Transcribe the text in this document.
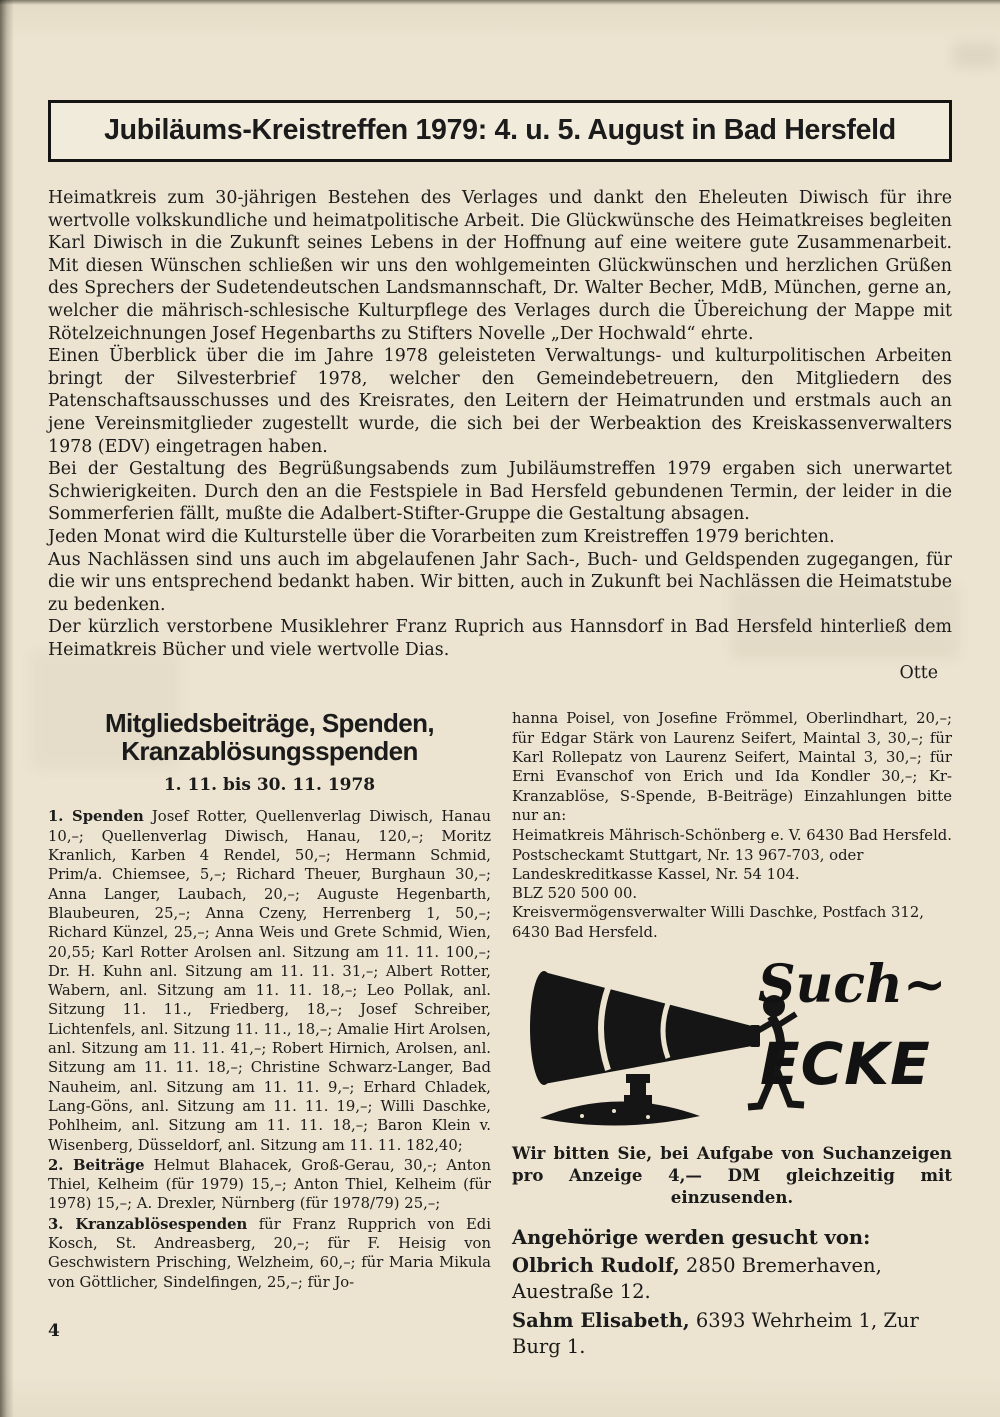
Jubiläums-Kreistreffen 1979: 4. u. 5. August in Bad Hersfeld

Heimatkreis zum 30-jährigen Bestehen des Verlages und dankt den Eheleuten Diwisch für ihre wertvolle volkskundliche und heimatpolitische Arbeit. Die Glückwünsche des Heimatkreises begleiten Karl Diwisch in die Zukunft seines Lebens in der Hoffnung auf eine weitere gute Zusammenarbeit. Mit diesen Wünschen schließen wir uns den wohlgemeinten Glückwünschen und herzlichen Grüßen des Sprechers der Sudetendeutschen Landsmannschaft, Dr. Walter Becher, MdB, München, gerne an, welcher die mährisch-schlesische Kulturpflege des Verlages durch die Übereichung der Mappe mit Rötelzeichnungen Josef Hegenbarths zu Stifters Novelle „Der Hochwald“ ehrte.

Einen Überblick über die im Jahre 1978 geleisteten Verwaltungs- und kulturpolitischen Arbeiten bringt der Silvesterbrief 1978, welcher den Gemeindebetreuern, den Mitgliedern des Patenschaftsausschusses und des Kreisrates, den Leitern der Heimatrunden und erstmals auch an jene Vereinsmitglieder zugestellt wurde, die sich bei der Werbeaktion des Kreiskassenverwalters 1978 (EDV) eingetragen haben.

Bei der Gestaltung des Begrüßungsabends zum Jubiläumstreffen 1979 ergaben sich unerwartet Schwierigkeiten. Durch den an die Festspiele in Bad Hersfeld gebundenen Termin, der leider in die Sommerferien fällt, mußte die Adalbert-Stifter-Gruppe die Gestaltung absagen.

Jeden Monat wird die Kulturstelle über die Vorarbeiten zum Kreistreffen 1979 berichten.

Aus Nachlässen sind uns auch im abgelaufenen Jahr Sach-, Buch- und Geldspenden zugegangen, für die wir uns entsprechend bedankt haben. Wir bitten, auch in Zukunft bei Nachlässen die Heimatstube zu bedenken.

Der kürzlich verstorbene Musiklehrer Franz Ruprich aus Hannsdorf in Bad Hersfeld hinterließ dem Heimatkreis Bücher und viele wertvolle Dias.

Otte
Mitgliedsbeiträge, Spenden,
Kranzablösungsspenden
1. 11. bis 30. 11. 1978

1. Spenden Josef Rotter, Quellenverlag Diwisch, Hanau 10,–; Quellenverlag Diwisch, Hanau, 120,–; Moritz Kranlich, Karben 4 Rendel, 50,–; Hermann Schmid, Prim/a. Chiemsee, 5,–; Richard Theuer, Burghaun 30,–; Anna Langer, Laubach, 20,–; Auguste Hegenbarth, Blaubeuren, 25,–; Anna Czeny, Herrenberg 1, 50,–; Richard Künzel, 25,–; Anna Weis und Grete Schmid, Wien, 20,55; Karl Rotter Arolsen anl. Sitzung am 11. 11. 100,–; Dr. H. Kuhn anl. Sitzung am 11. 11. 31,–; Albert Rotter, Wabern, anl. Sitzung am 11. 11. 18,–; Leo Pollak, anl. Sitzung 11. 11., Friedberg, 18,–; Josef Schreiber, Lichtenfels, anl. Sitzung 11. 11., 18,–; Amalie Hirt Arolsen, anl. Sitzung am 11. 11. 41,–; Robert Hirnich, Arolsen, anl. Sitzung am 11. 11. 18,–; Christine Schwarz-Langer, Bad Nauheim, anl. Sitzung am 11. 11. 9,–; Erhard Chladek, Lang-Göns, anl. Sitzung am 11. 11. 19,–; Willi Daschke, Pohlheim, anl. Sitzung am 11. 11. 18,–; Baron Klein v. Wisenberg, Düsseldorf, anl. Sitzung am 11. 11. 182,40;

2. Beiträge Helmut Blahacek, Groß-Gerau, 30,-; Anton Thiel, Kelheim (für 1979) 15,–; Anton Thiel, Kelheim (für 1978) 15,–; A. Drexler, Nürnberg (für 1978/79) 25,–;

3. Kranzablösespenden für Franz Rupprich von Edi Kosch, St. Andreasberg, 20,–; für F. Heisig von Geschwistern Prisching, Welzheim, 60,–; für Maria Mikula von Göttlicher, Sindelfingen, 25,–; für Jo-

hanna Poisel, von Josefine Frömmel, Oberlindhart, 20,–; für Edgar Stärk von Laurenz Seifert, Maintal 3, 30,–; für Karl Rollepatz von Laurenz Seifert, Maintal 3, 30,–; für Erni Evanschof von Erich und Ida Kondler 30,–; Kr-Kranzablöse, S-Spende, B-Beiträge) Einzahlungen bitte nur an:

Heimatkreis Mährisch-Schönberg e. V. 6430 Bad Hersfeld.

Postscheckamt Stuttgart, Nr. 13 967-703, oder Landeskreditkasse Kassel, Nr. 54 104.

BLZ 520 500 00.

Kreisvermögensverwalter Willi Daschke, Postfach 312, 6430 Bad Hersfeld.

Such~
ECKE
Wir bitten Sie, bei Aufgabe von Suchanzeigen pro Anzeige 4,— DM gleichzeitig mit einzusenden.
Angehörige werden gesucht von:

Olbrich Rudolf, 2850 Bremerhaven, Auestraße 12.

Sahm Elisabeth, 6393 Wehrheim 1, Zur Burg 1.

4
